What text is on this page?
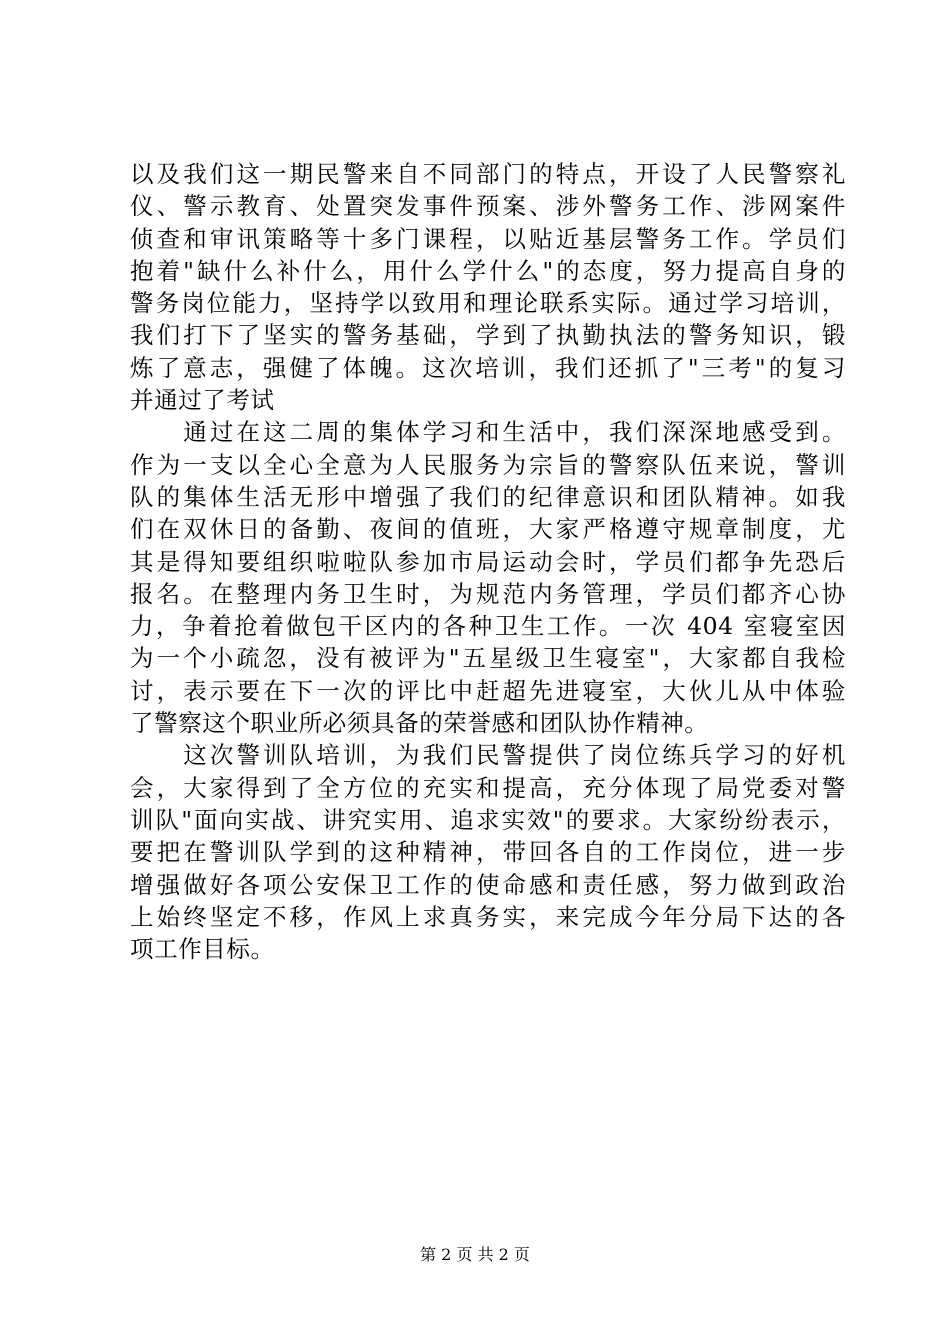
以及我们这一期民警来自不同部门的特点，开设了人民警察礼
仪、警示教育、处置突发事件预案、涉外警务工作、涉网案件
侦查和审讯策略等十多门课程，以贴近基层警务工作。学员们
抱着"缺什么补什么，用什么学什么"的态度，努力提高自身的
警务岗位能力，坚持学以致用和理论联系实际。通过学习培训，
我们打下了坚实的警务基础，学到了执勤执法的警务知识，锻
炼了意志，强健了体魄。这次培训，我们还抓了"三考"的复习
并通过了考试
　　通过在这二周的集体学习和生活中，我们深深地感受到。
作为一支以全心全意为人民服务为宗旨的警察队伍来说，警训
队的集体生活无形中增强了我们的纪律意识和团队精神。如我
们在双休日的备勤、夜间的值班，大家严格遵守规章制度，尤
其是得知要组织啦啦队参加市局运动会时，学员们都争先恐后
报名。在整理内务卫生时，为规范内务管理，学员们都齐心协
力，争着抢着做包干区内的各种卫生工作。一次 404 室寝室因
为一个小疏忽，没有被评为"五星级卫生寝室"，大家都自我检
讨，表示要在下一次的评比中赶超先进寝室，大伙儿从中体验
了警察这个职业所必须具备的荣誉感和团队协作精神。
　　这次警训队培训，为我们民警提供了岗位练兵学习的好机
会，大家得到了全方位的充实和提高，充分体现了局党委对警
训队"面向实战、讲究实用、追求实效"的要求。大家纷纷表示，
要把在警训队学到的这种精神，带回各自的工作岗位，进一步
增强做好各项公安保卫工作的使命感和责任感，努力做到政治
上始终坚定不移，作风上求真务实，来完成今年分局下达的各
项工作目标。
第 2 页 共 2 页
